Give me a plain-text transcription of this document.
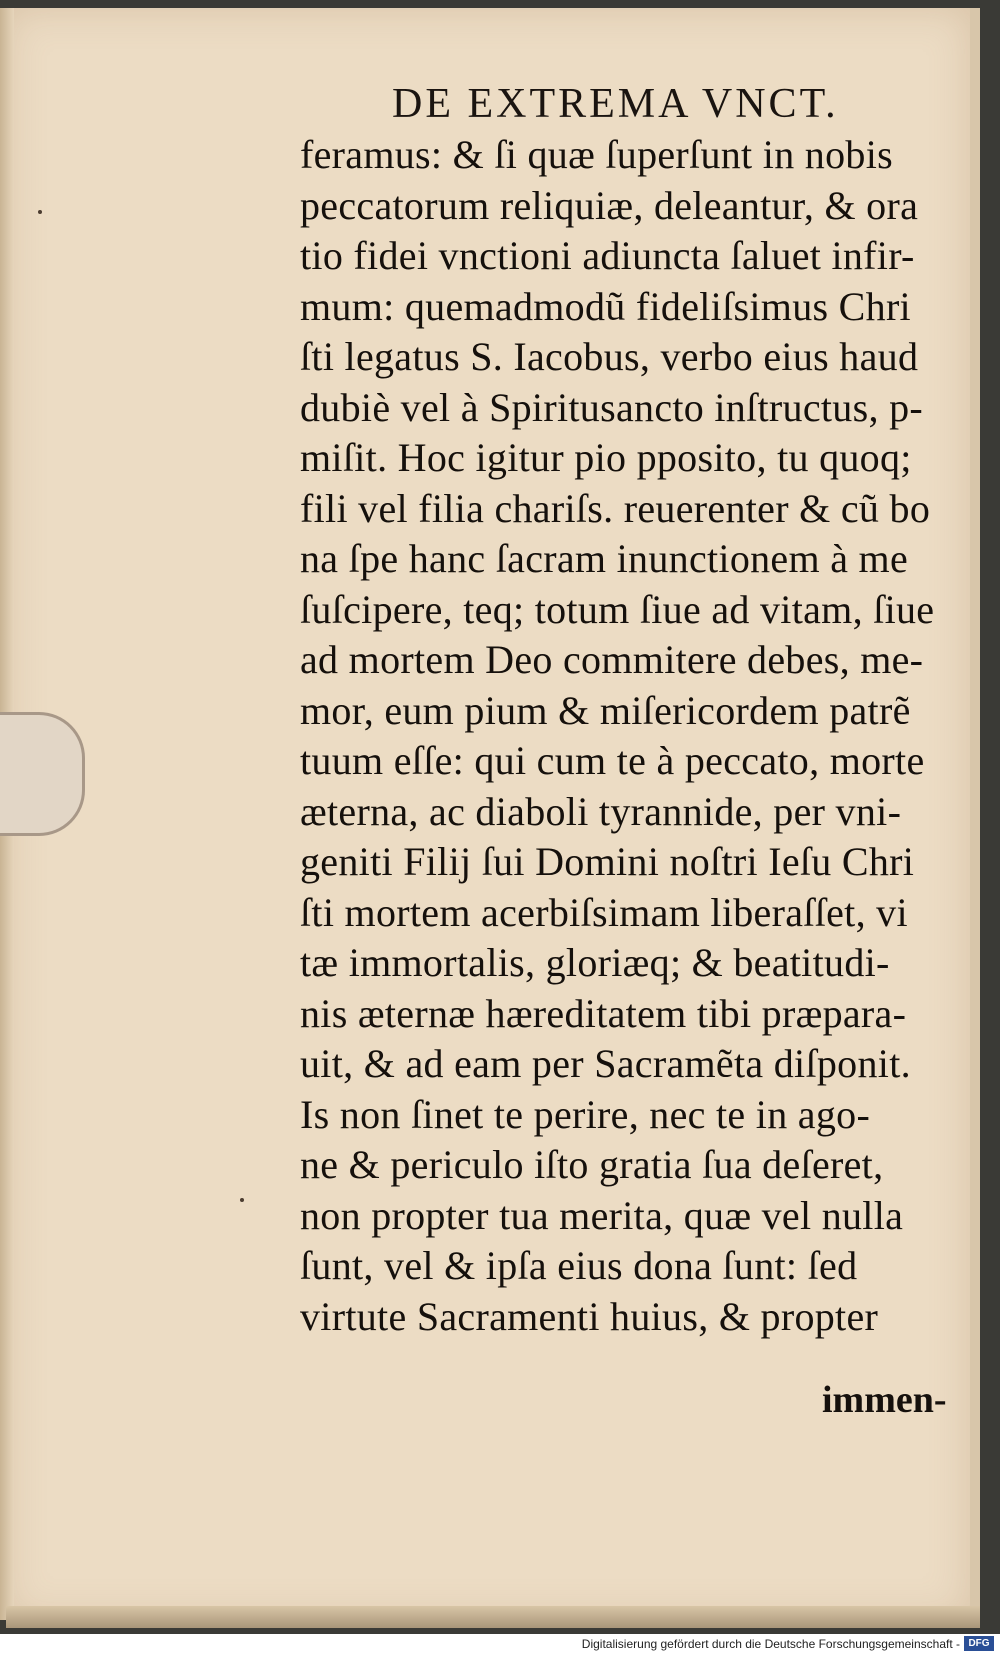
DE EXTREMA VNCT.
feramus: & ſi quæ ſuperſunt in nobis
peccatorum reliquiæ, deleantur, & ora
tio fidei vnctioni adiuncta ſaluet infir-
mum: quemadmodũ fideliſsimus Chri
ſti legatus S. Iacobus, verbo eius haud
dubiè vel à Spiritusancto inſtructus, p-
miſit. Hoc igitur pio pposito, tu quoq;
fili vel filia chariſs. reuerenter & cũ bo
na ſpe hanc ſacram inunctionem à me
ſuſcipere, teq; totum ſiue ad vitam, ſiue
ad mortem Deo commitere debes, me-
mor, eum pium & miſericordem patrẽ
tuum eſſe: qui cum te à peccato, morte
æterna, ac diaboli tyrannide, per vni-
geniti Filij ſui Domini noſtri Ieſu Chri
ſti mortem acerbiſsimam liberaſſet, vi
tæ immortalis, gloriæq; & beatitudi-
nis æternæ hæreditatem tibi præpara-
uit, & ad eam per Sacramẽta diſponit.
Is non ſinet te perire, nec te in ago-
ne & periculo iſto gratia ſua deſeret,
non propter tua merita, quæ vel nulla
ſunt, vel & ipſa eius dona ſunt: ſed
virtute Sacramenti huius, & propter
immen-
Digitalisierung gefördert durch die Deutsche Forschungsgemeinschaft - DFG
